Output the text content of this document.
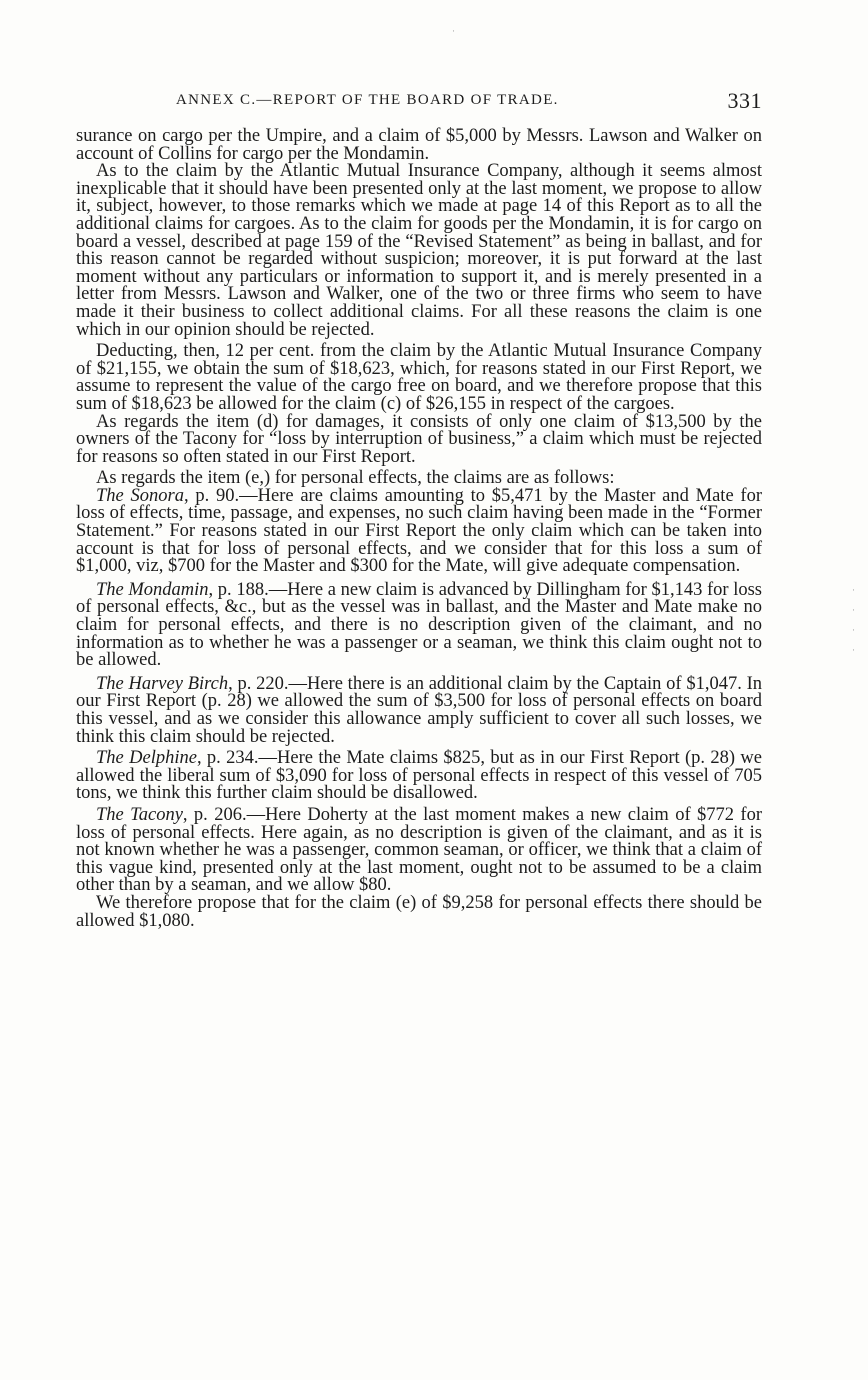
ANNEX C.—REPORT OF THE BOARD OF TRADE.	331

surance on cargo per the Umpire, and a claim of $5,000 by Messrs. Lawson and Walker on account of Collins for cargo per the Mondamin.

As to the claim by the Atlantic Mutual Insurance Company, although it seems almost inexplicable that it should have been presented only at the last moment, we propose to allow it, subject, however, to those remarks which we made at page 14 of this Report as to all the additional claims for cargoes. As to the claim for goods per the Mondamin, it is for cargo on board a vessel, described at page 159 of the “Revised Statement” as being in ballast, and for this reason cannot be regarded without suspicion; moreover, it is put forward at the last moment without any particulars or information to support it, and is merely presented in a letter from Messrs. Lawson and Walker, one of the two or three firms who seem to have made it their business to collect additional claims. For all these reasons the claim is one which in our opinion should be rejected.

Deducting, then, 12 per cent. from the claim by the Atlantic Mutual Insurance Company of $21,155, we obtain the sum of $18,623, which, for reasons stated in our First Report, we assume to represent the value of the cargo free on board, and we therefore propose that this sum of $18,623 be allowed for the claim (c) of $26,155 in respect of the cargoes.

As regards the item (d) for damages, it consists of only one claim of $13,500 by the owners of the Tacony for “loss by interruption of business,” a claim which must be rejected for reasons so often stated in our First Report.

As regards the item (e,) for personal effects, the claims are as follows:

The Sonora, p. 90.—Here are claims amounting to $5,471 by the Master and Mate for loss of effects, time, passage, and expenses, no such claim having been made in the “Former Statement.” For reasons stated in our First Report the only claim which can be taken into account is that for loss of personal effects, and we consider that for this loss a sum of $1,000, viz, $700 for the Master and $300 for the Mate, will give adequate compensation.

The Mondamin, p. 188.—Here a new claim is advanced by Dillingham for $1,143 for loss of personal effects, &c., but as the vessel was in ballast, and the Master and Mate make no claim for personal effects, and there is no description given of the claimant, and no information as to whether he was a passenger or a seaman, we think this claim ought not to be allowed.

The Harvey Birch, p. 220.—Here there is an additional claim by the Captain of $1,047. In our First Report (p. 28) we allowed the sum of $3,500 for loss of personal effects on board this vessel, and as we consider this allowance amply sufficient to cover all such losses, we think this claim should be rejected.

The Delphine, p. 234.—Here the Mate claims $825, but as in our First Report (p. 28) we allowed the liberal sum of $3,090 for loss of personal effects in respect of this vessel of 705 tons, we think this further claim should be disallowed.

The Tacony, p. 206.—Here Doherty at the last moment makes a new claim of $772 for loss of personal effects. Here again, as no description is given of the claimant, and as it is not known whether he was a passenger, common seaman, or officer, we think that a claim of this vague kind, presented only at the last moment, ought not to be assumed to be a claim other than by a seaman, and we allow $80.

We therefore propose that for the claim (e) of $9,258 for personal effects there should be allowed $1,080.

·
·
·
·
·
